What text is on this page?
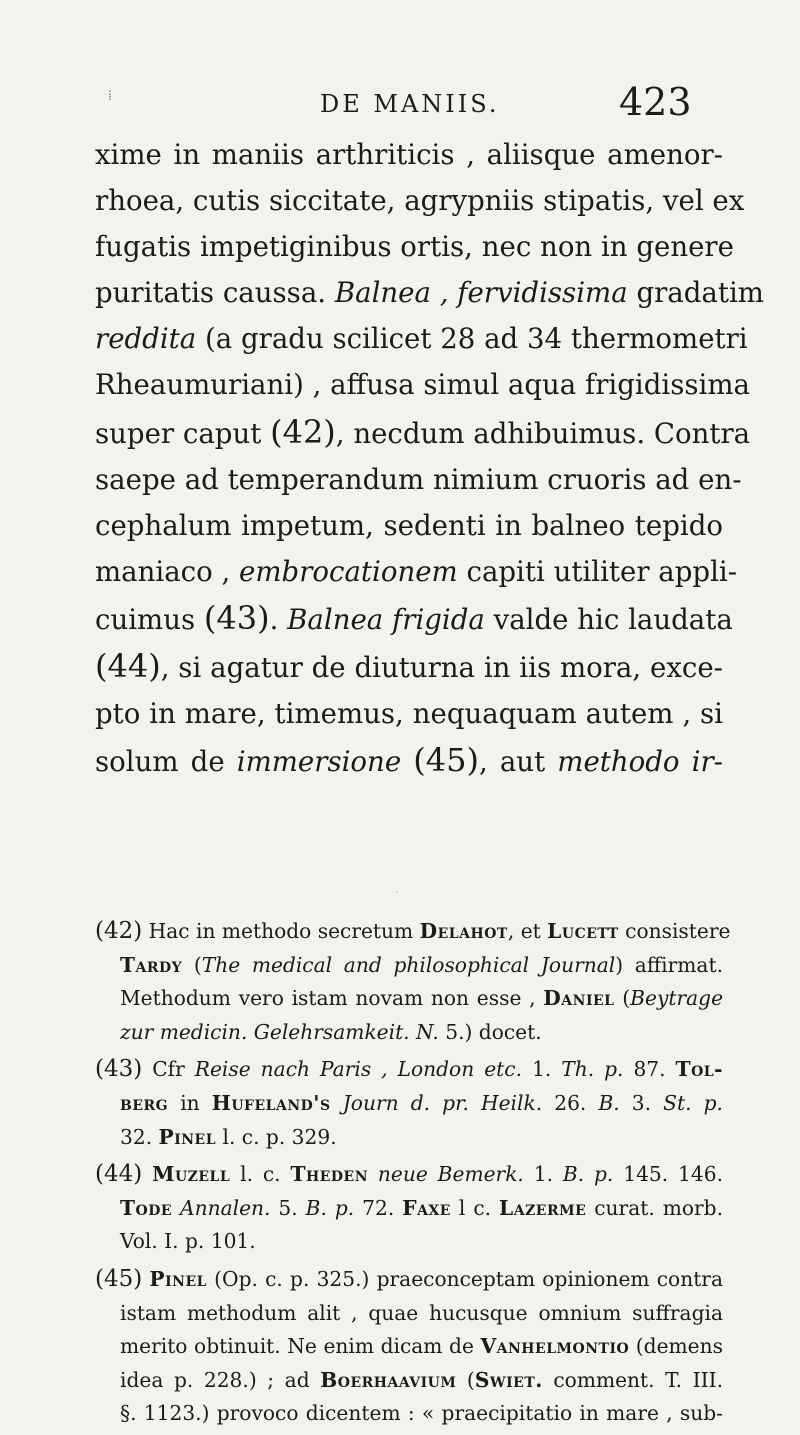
⁞	DE MANIIS.	423

xime in maniis arthriticis , aliisque amenor-

rhoea, cutis siccitate, agrypniis stipatis, vel ex

fugatis impetiginibus ortis, nec non in genere

puritatis caussa. Balnea , fervidissima gradatim

reddita (a gradu scilicet 28 ad 34 thermometri

Rheaumuriani) , affusa simul aqua frigidissima

super caput (42), necdum adhibuimus. Contra

saepe ad temperandum nimium cruoris ad en-

cephalum impetum, sedenti in balneo tepido

maniaco , embrocationem capiti utiliter appli-

cuimus (43). Balnea frigida valde hic laudata

(44), si agatur de diuturna in iis mora, exce-

pto in mare, timemus, nequaquam autem , si

solum de immersione (45), aut methodo ir-

·
(42) Hac in methodo secretum Delahot, et Lucett consistere
Tardy (The medical and philosophical Journal) affirmat.
Methodum vero istam novam non esse , Daniel (Beytrage
zur medicin. Gelehrsamkeit. N. 5.) docet.
(43) Cfr Reise nach Paris , London etc. 1. Th. p. 87. Tol-
berg in Hufeland's Journ d. pr. Heilk. 26. B. 3. St. p.
32. Pinel l. c. p. 329.
(44) Muzell l. c. Theden neue Bemerk. 1. B. p. 145. 146.
Tode Annalen. 5. B. p. 72. Faxe l c. Lazerme curat. morb.
Vol. I. p. 101.
(45) Pinel (Op. c. p. 325.) praeconceptam opinionem contra
istam methodum alit , quae hucusque omnium suffragia
merito obtinuit. Ne enim dicam de Vanhelmontio (demens
idea p. 228.) ; ad Boerhaavium (Swiet. comment. T. III.
§. 1123.) provoco dicentem : « praecipitatio in mare , sub-
